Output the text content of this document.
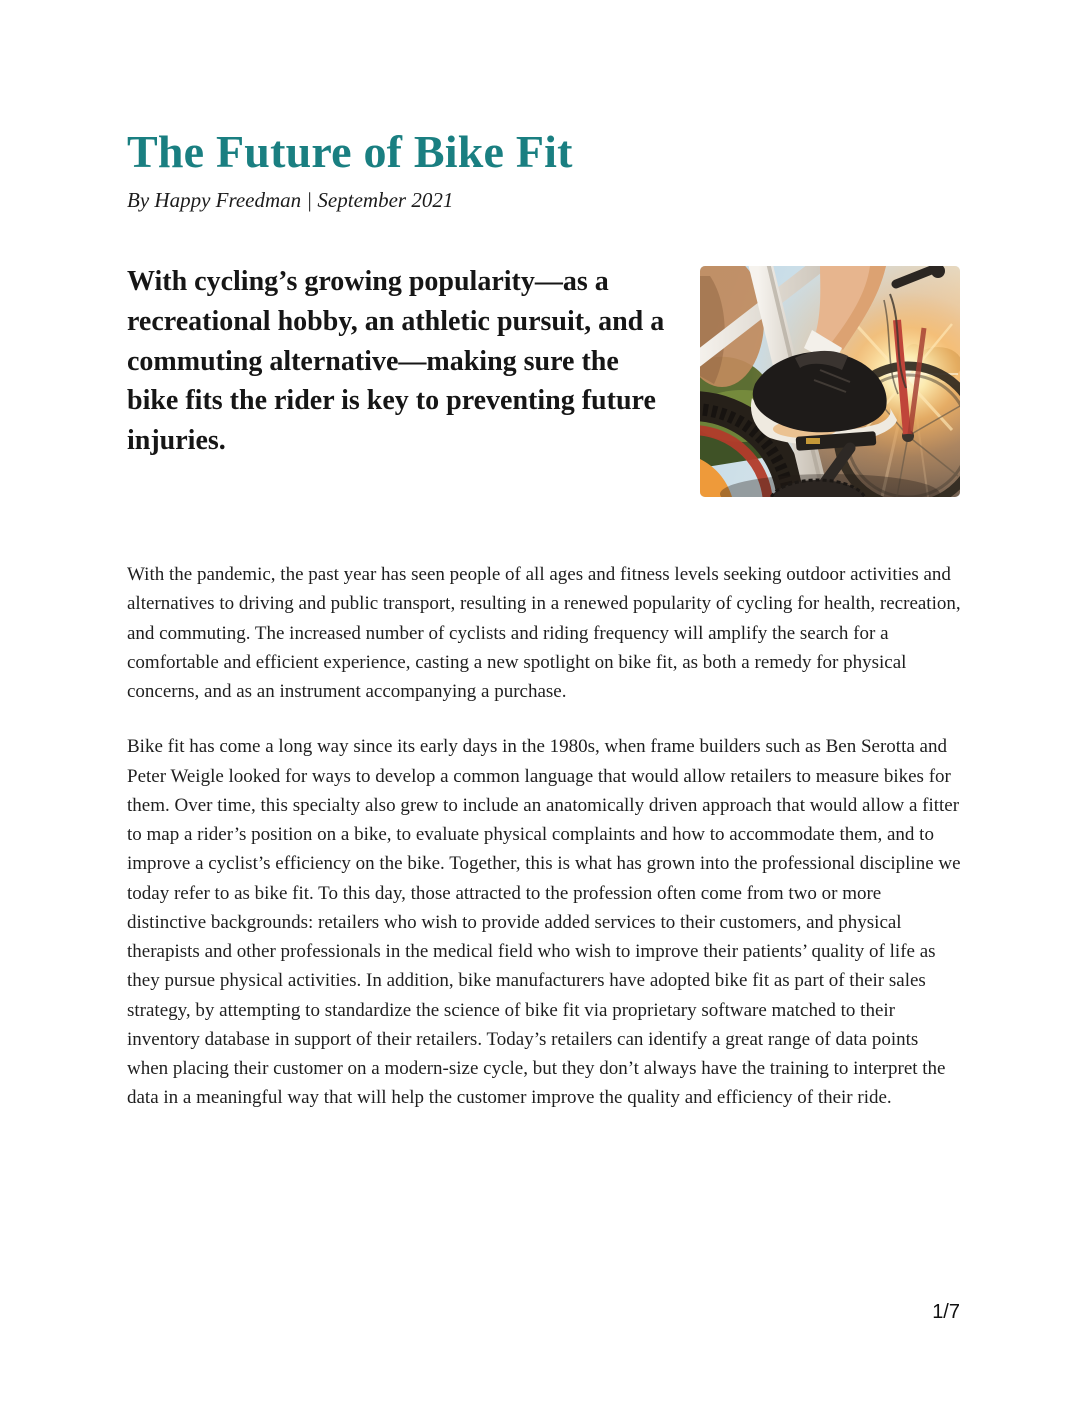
The Future of Bike Fit

By Happy Freedman | September 2021

With cycling’s growing popularity—as a recreational hobby, an athletic pursuit, and a commuting alternative—making sure the bike fits the rider is key to preventing future injuries.

With the pandemic, the past year has seen people of all ages and fitness levels seeking outdoor activities and alternatives to driving and public transport, resulting in a renewed popularity of cycling for health, recreation, and commuting. The increased number of cyclists and riding frequency will amplify the search for a comfortable and efficient experience, casting a new spotlight on bike fit, as both a remedy for physical concerns, and as an instrument accompanying a purchase.

Bike fit has come a long way since its early days in the 1980s, when frame builders such as Ben Serotta and Peter Weigle looked for ways to develop a common language that would allow retailers to measure bikes for them. Over time, this specialty also grew to include an anatomically driven approach that would allow a fitter to map a rider’s position on a bike, to evaluate physical complaints and how to accommodate them, and to improve a cyclist’s efficiency on the bike. Together, this is what has grown into the professional discipline we today refer to as bike fit. To this day, those attracted to the profession often come from two or more distinctive backgrounds: retailers who wish to provide added services to their customers, and physical therapists and other professionals in the medical field who wish to improve their patients’ quality of life as they pursue physical activities. In addition, bike manufacturers have adopted bike fit as part of their sales strategy, by attempting to standardize the science of bike fit via proprietary software matched to their inventory database in support of their retailers. Today’s retailers can identify a great range of data points when placing their customer on a modern-size cycle, but they don’t always have the training to interpret the data in a meaningful way that will help the customer improve the quality and efficiency of their ride.

1/7
